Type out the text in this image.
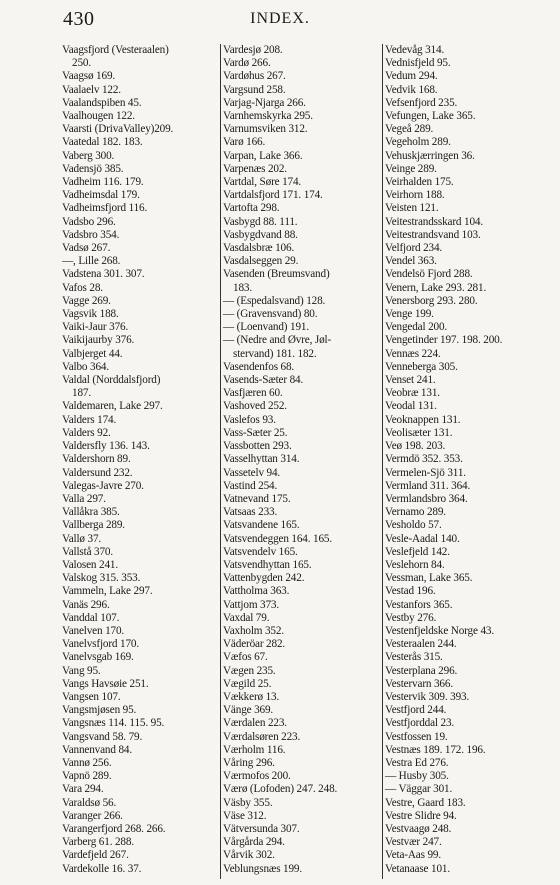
430	INDEX.
Vaagsfjord (Vesteraalen)
250.
Vaagsø 169.
Vaalaelv 122.
Vaalandspiben 45.
Vaalhougen 122.
Vaarsti (DrivaValley)209.
Vaatedal 182. 183.
Vaberg 300.
Vadensjö 385.
Vadheim 116. 179.
Vadheimsdal 179.
Vadheimsfjord 116.
Vadsbo 296.
Vadsbro 354.
Vadsø 267.
—, Lille 268.
Vadstena 301. 307.
Vafos 28.
Vagge 269.
Vagsvik 188.
Vaiki-Jaur 376.
Vaikijaurby 376.
Valbjerget 44.
Valbo 364.
Valdal (Norddalsfjord)
187.
Valdemaren, Lake 297.
Valders 174.
Valders 92.
Valdersfly 136. 143.
Valdershorn 89.
Valdersund 232.
Valegas-Javre 270.
Valla 297.
Vallåkra 385.
Vallberga 289.
Vallø 37.
Vallstå 370.
Valosen 241.
Valskog 315. 353.
Vammeln, Lake 297.
Vanäs 296.
Vanddal 107.
Vanelven 170.
Vanelvsfjord 170.
Vanelvsgab 169.
Vang 95.
Vangs Havsøie 251.
Vangsen 107.
Vangsmjøsen 95.
Vangsnæs 114. 115. 95.
Vangsvand 58. 79.
Vannenvand 84.
Vannø 256.
Vapnö 289.
Vara 294.
Varaldsø 56.
Varanger 266.
Varangerfjord 268. 266.
Varberg 61. 288.
Vardefjeld 267.
Vardekolle 16. 37.
Vardesjø 208.
Vardø 266.
Vardøhus 267.
Vargsund 258.
Varjag-Njarga 266.
Varnhemskyrka 295.
Varnumsviken 312.
Varø 166.
Varpan, Lake 366.
Varpenæs 202.
Vartdal, Søre 174.
Vartdalsfjord 171. 174.
Vartofta 298.
Vasbygd 88. 111.
Vasbygdvand 88.
Vasdalsbræ 106.
Vasdalseggen 29.
Vasenden (Breumsvand)
183.
— (Espedalsvand) 128.
— (Gravensvand) 80.
— (Loenvand) 191.
— (Nedre and Øvre, Jøl-
stervand) 181. 182.
Vasendenfos 68.
Vasends-Sæter 84.
Vasfjæren 60.
Vashoved 252.
Vaslefos 93.
Vass-Sæter 25.
Vassbotten 293.
Vasselhyttan 314.
Vassetelv 94.
Vastind 254.
Vatnevand 175.
Vatsaas 233.
Vatsvandene 165.
Vatsvendeggen 164. 165.
Vatsvendelv 165.
Vatsvendhyttan 165.
Vattenbygden 242.
Vattholma 363.
Vattjom 373.
Vaxdal 79.
Vaxholm 352.
Väderöar 282.
Væfos 67.
Vægen 235.
Vægild 25.
Vækkerø 13.
Vänge 369.
Værdalen 223.
Værdalsøren 223.
Værholm 116.
Våring 296.
Værmofos 200.
Værø (Lofoden) 247. 248.
Väsby 355.
Väse 312.
Vätversunda 307.
Vårgårda 294.
Vårvik 302.
Veblungsnæs 199.
Vedevåg 314.
Vednisfjeld 95.
Vedum 294.
Vedvik 168.
Vefsenfjord 235.
Vefungen, Lake 365.
Vegeå 289.
Vegeholm 289.
Vehuskjærringen 36.
Veinge 289.
Veirhalden 175.
Veirhorn 188.
Veisten 121.
Veitestrandsskard 104.
Veitestrandsvand 103.
Velfjord 234.
Vendel 363.
Vendelsö Fjord 288.
Venern, Lake 293. 281.
Venersborg 293. 280.
Venge 199.
Vengedal 200.
Vengetinder 197. 198. 200.
Vennæs 224.
Venneberga 305.
Venset 241.
Veobræ 131.
Veodal 131.
Veoknappen 131.
Veolisæter 131.
Veø 198. 203.
Vermdö 352. 353.
Vermelen-Sjö 311.
Vermland 311. 364.
Vermlandsbro 364.
Vernamo 289.
Vesholdo 57.
Vesle-Aadal 140.
Veslefjeld 142.
Veslehorn 84.
Vessman, Lake 365.
Vestad 196.
Vestanfors 365.
Vestby 276.
Vestenfjeldske Norge 43.
Vesteraalen 244.
Vesterås 315.
Vesterplana 296.
Vestervarn 366.
Vestervik 309. 393.
Vestfjord 244.
Vestfjorddal 23.
Vestfossen 19.
Vestnæs 189. 172. 196.
Vestra Ed 276.
— Husby 305.
— Väggar 301.
Vestre, Gaard 183.
Vestre Slidre 94.
Vestvaagø 248.
Vestvær 247.
Veta-Aas 99.
Vetanaase 101.
